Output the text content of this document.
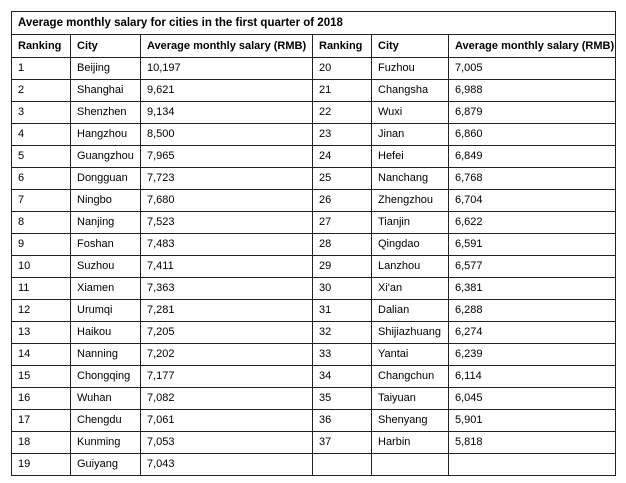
Average monthly salary for cities in the first quarter of 2018					
Ranking	City	Average monthly salary (RMB)	Ranking	City	Average monthly salary (RMB)
1	Beijing	10,197	20	Fuzhou	7,005
2	Shanghai	9,621	21	Changsha	6,988
3	Shenzhen	9,134	22	Wuxi	6,879
4	Hangzhou	8,500	23	Jinan	6,860
5	Guangzhou	7,965	24	Hefei	6,849
6	Dongguan	7,723	25	Nanchang	6,768
7	Ningbo	7,680	26	Zhengzhou	6,704
8	Nanjing	7,523	27	Tianjin	6,622
9	Foshan	7,483	28	Qingdao	6,591
10	Suzhou	7,411	29	Lanzhou	6,577
11	Xiamen	7,363	30	Xi'an	6,381
12	Urumqi	7,281	31	Dalian	6,288
13	Haikou	7,205	32	Shijiazhuang	6,274
14	Nanning	7,202	33	Yantai	6,239
15	Chongqing	7,177	34	Changchun	6,114
16	Wuhan	7,082	35	Taiyuan	6,045
17	Chengdu	7,061	36	Shenyang	5,901
18	Kunming	7,053	37	Harbin	5,818
19	Guiyang	7,043			
